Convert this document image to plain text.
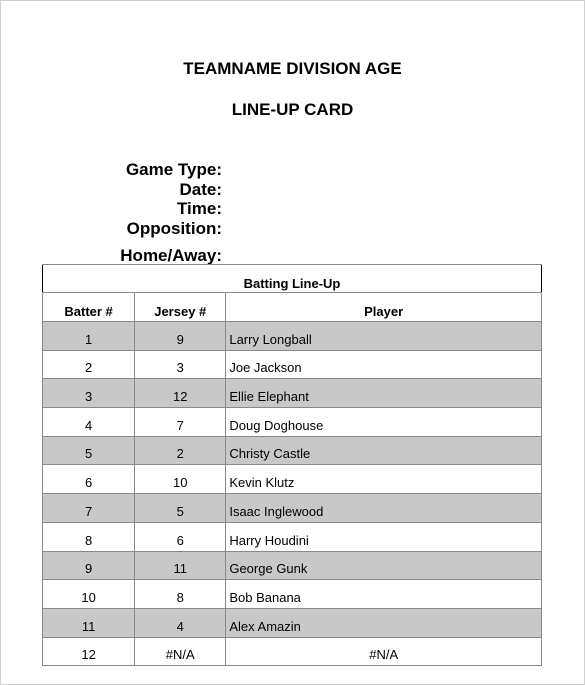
TEAMNAME DIVISION AGE
LINE-UP CARD
Game Type:
Date:
Time:
Opposition:
Home/Away:
Batting Line-Up		
Batter #	Jersey #	Player
1	9	Larry Longball
2	3	Joe Jackson
3	12	Ellie Elephant
4	7	Doug Doghouse
5	2	Christy Castle
6	10	Kevin Klutz
7	5	Isaac Inglewood
8	6	Harry Houdini
9	11	George Gunk
10	8	Bob Banana
11	4	Alex Amazin
12	#N/A	#N/A
